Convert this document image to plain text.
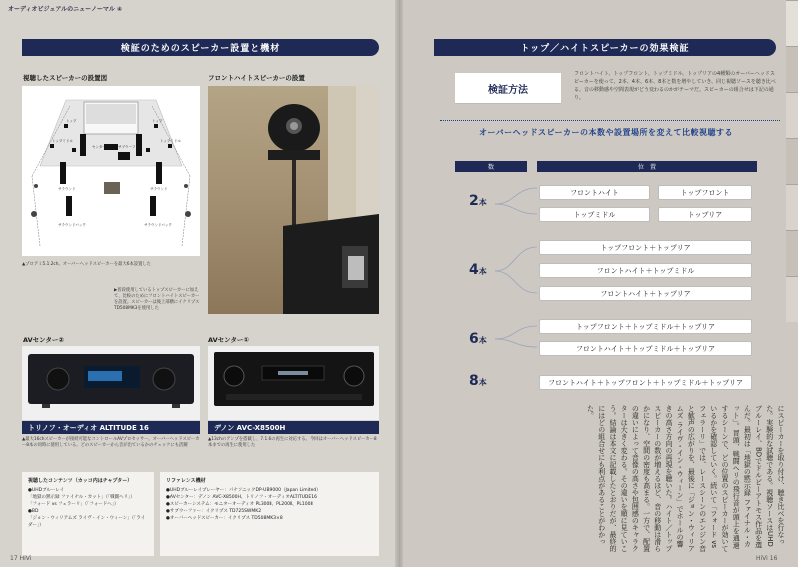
オーディオビジュアルのニューノーマル ④
検証のためのスピーカー設置と機材
視聴したスピーカーの設置図	フロントハイトスピーカーの設置
トップ	トップ
トップミドル	トップミドル
センター	サブウーファー
サラウンド	サラウンド
サラウンドバック	サラウンドバック
▲プロアミ5.1.2ch。オーバーヘッドスピーカーを最大6本設置した
▶普段使用しているトップスピーカーに加えて、比較のためにフロントハイトスピーカーを設置。スピーカーは後上部横にイクリプスTD508MK3を使用した
AVセンター②	AVセンター①
トリノフ・オーディオ ALTITUDE 16
▲最大16chスピーカーが接続可能なコントロールAVプロセッサー。オーバーヘッドスピーカー8本の同時に使用している。どのスピーカーから音が出ているかのチェックにも活躍
デノン AVC-X8500H
▲13chのアンプを搭載し、7.1.6の再生に対応する。今回はオーバーヘッドスピーカー8本までの再生に使用した
視聴したコンテンツ（カッコ内はチャプター）
●UHDブルーレイ
「地獄の黙示録 ファイナル・カット」（「戦闘ヘリ」）
「フォード vs フェラーリ」（「フォードへ」）
●BD
「ジョン・ウィリアムズ ライヴ・イン・ウィーン」（「ライダー」）
リファレンス機材
●UHDブルーレイプレーヤー：パナソニックDP-UB9000（Japan Limited）
●AVセンター：デノン AVC-X8500H、トリノフ・オーディオALTITUDE16
●スピーカーシステム：モニターオーディオ PL300Ⅱ、PL200Ⅱ、PL100Ⅱ
●サブウーファー：イクリプス TD725SWMK2
●オーバーヘッドスピーカー：イクリプス TD508MK3×8
17 HiVi
トップ／ハイトスピーカーの効果検証
検証方法
フロントハイト、トップフロント、トップミドル、トップリアの4種類のオーバーヘッドスピーカーを使って、2本、4本、6本、8本と数を増やしていき、同じ視聴ソースを聴き比べる。音の移動感や空間表現がどう変わるのかがテーマだ。スピーカーの組合せは下記の通り。
オーバーヘッドスピーカーの本数や設置場所を変えて比較視聴する
数	位　置
2本
フロントハイト	トップフロント
トップミドル	トップリア
4本
トップフロント＋トップリア
フロントハイト＋トップミドル
フロントハイト＋トップリア
6本
トップフロント＋トップミドル＋トップリア
フロントハイト＋トップミドル＋トップリア
8本	フロントハイト＋トップフロント＋トップミドル＋トップリア
にスピーカーを取り付け、聴き比べを行なった。実験的な試聴である。視聴ソースはUHDブルーレイ、BDでドルビーアトモス作品を選んだ。最初は「地獄の黙示録 ファイナル・カット」。冒頭、戦闘ヘリの飛行音が頭上を通過するシーンで、どの位置のスピーカーが効いているかを確認していく。続いて「フォード vs フェラーリ」では、レースシーンのエンジン音と歓声の広がりを、最後に「ジョン・ウィリアムズ ライヴ・イン・ウィーン」でホールの響きの高さ方向の再現を聴いた。ハイト／トップスピーカーの数が増えるほど、音の移動は滑らかになり、空間の密度も高まる。一方で、配置の違いによって音像の高さや包囲感のキャラクターは大きく変わる。その違いを順に見ていこう。結論は本文に記載したとおりだが、最終的にはどの組合せにも利点があることがわかった。
HiVi 16
